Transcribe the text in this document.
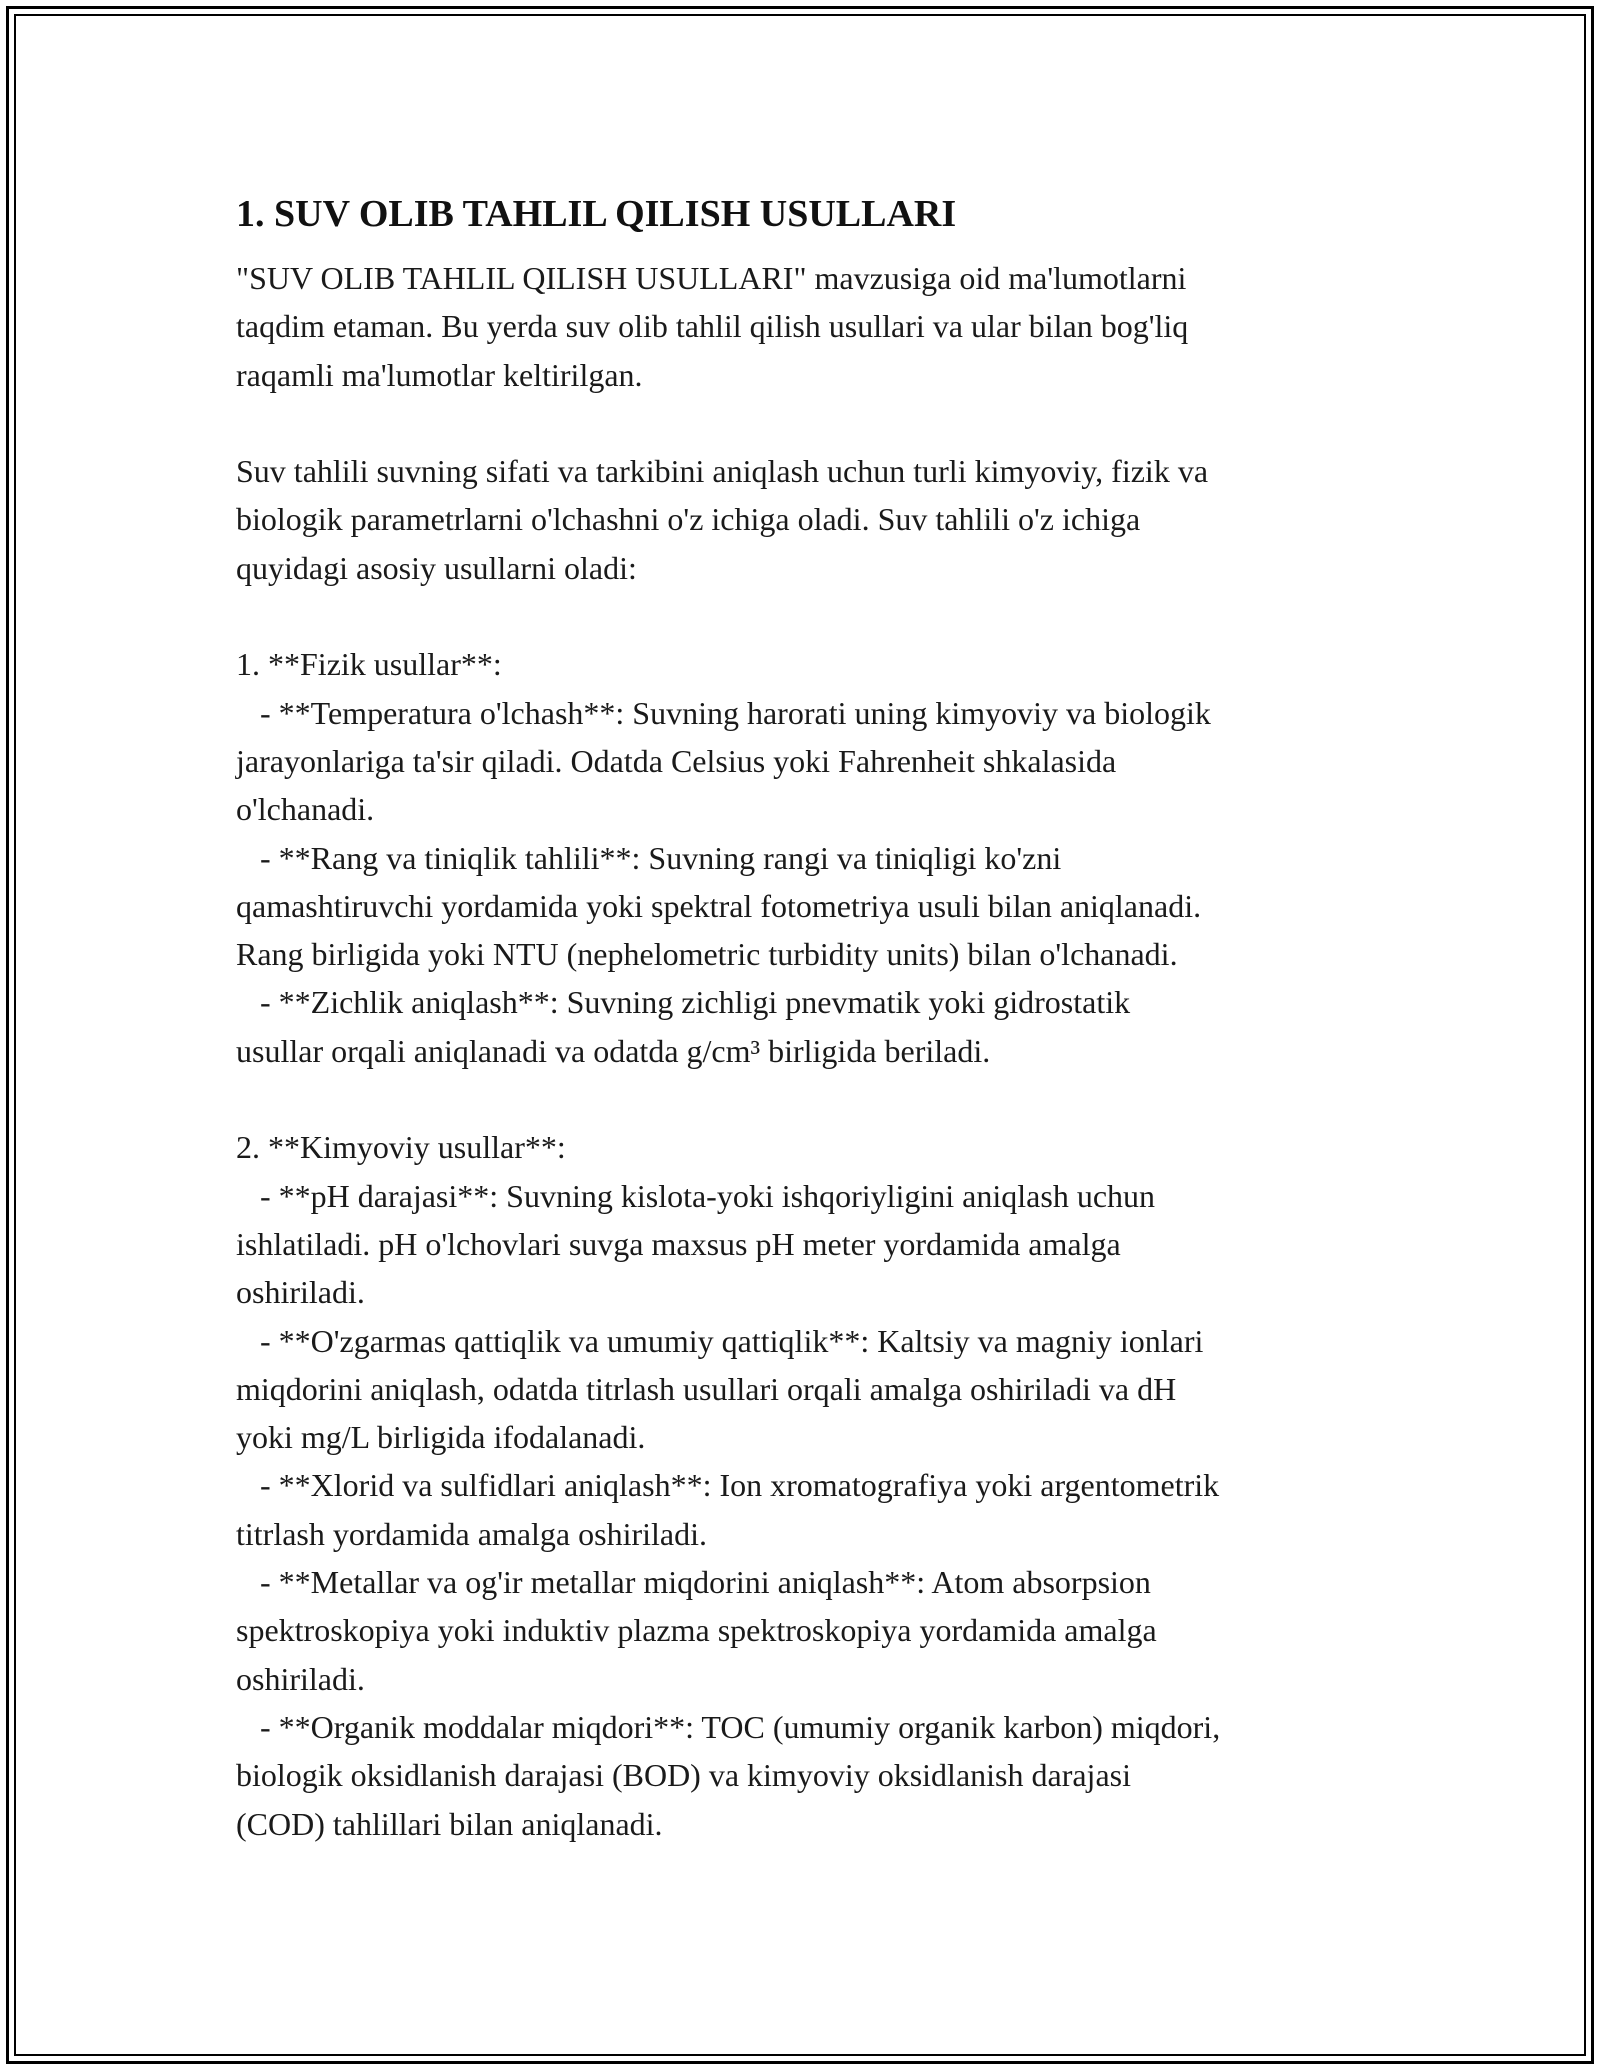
1. SUV OLIB TAHLIL QILISH USULLARI

"SUV OLIB TAHLIL QILISH USULLARI" mavzusiga oid ma'lumotlarni
taqdim etaman. Bu yerda suv olib tahlil qilish usullari va ular bilan bog'liq
raqamli ma'lumotlar keltirilgan.

Suv tahlili suvning sifati va tarkibini aniqlash uchun turli kimyoviy, fizik va
biologik parametrlarni o'lchashni o'z ichiga oladi. Suv tahlili o'z ichiga
quyidagi asosiy usullarni oladi:

1. **Fizik usullar**:
- **Temperatura o'lchash**: Suvning harorati uning kimyoviy va biologik
jarayonlariga ta'sir qiladi. Odatda Celsius yoki Fahrenheit shkalasida
o'lchanadi.
- **Rang va tiniqlik tahlili**: Suvning rangi va tiniqligi ko'zni
qamashtiruvchi yordamida yoki spektral fotometriya usuli bilan aniqlanadi.
Rang birligida yoki NTU (nephelometric turbidity units) bilan o'lchanadi.
- **Zichlik aniqlash**: Suvning zichligi pnevmatik yoki gidrostatik
usullar orqali aniqlanadi va odatda g/cm³ birligida beriladi.

2. **Kimyoviy usullar**:
- **pH darajasi**: Suvning kislota-yoki ishqoriyligini aniqlash uchun
ishlatiladi. pH o'lchovlari suvga maxsus pH meter yordamida amalga
oshiriladi.
- **O'zgarmas qattiqlik va umumiy qattiqlik**: Kaltsiy va magniy ionlari
miqdorini aniqlash, odatda titrlash usullari orqali amalga oshiriladi va dH
yoki mg/L birligida ifodalanadi.
- **Xlorid va sulfidlari aniqlash**: Ion xromatografiya yoki argentometrik
titrlash yordamida amalga oshiriladi.
- **Metallar va og'ir metallar miqdorini aniqlash**: Atom absorpsion
spektroskopiya yoki induktiv plazma spektroskopiya yordamida amalga
oshiriladi.
- **Organik moddalar miqdori**: TOC (umumiy organik karbon) miqdori,
biologik oksidlanish darajasi (BOD) va kimyoviy oksidlanish darajasi
(COD) tahlillari bilan aniqlanadi.
